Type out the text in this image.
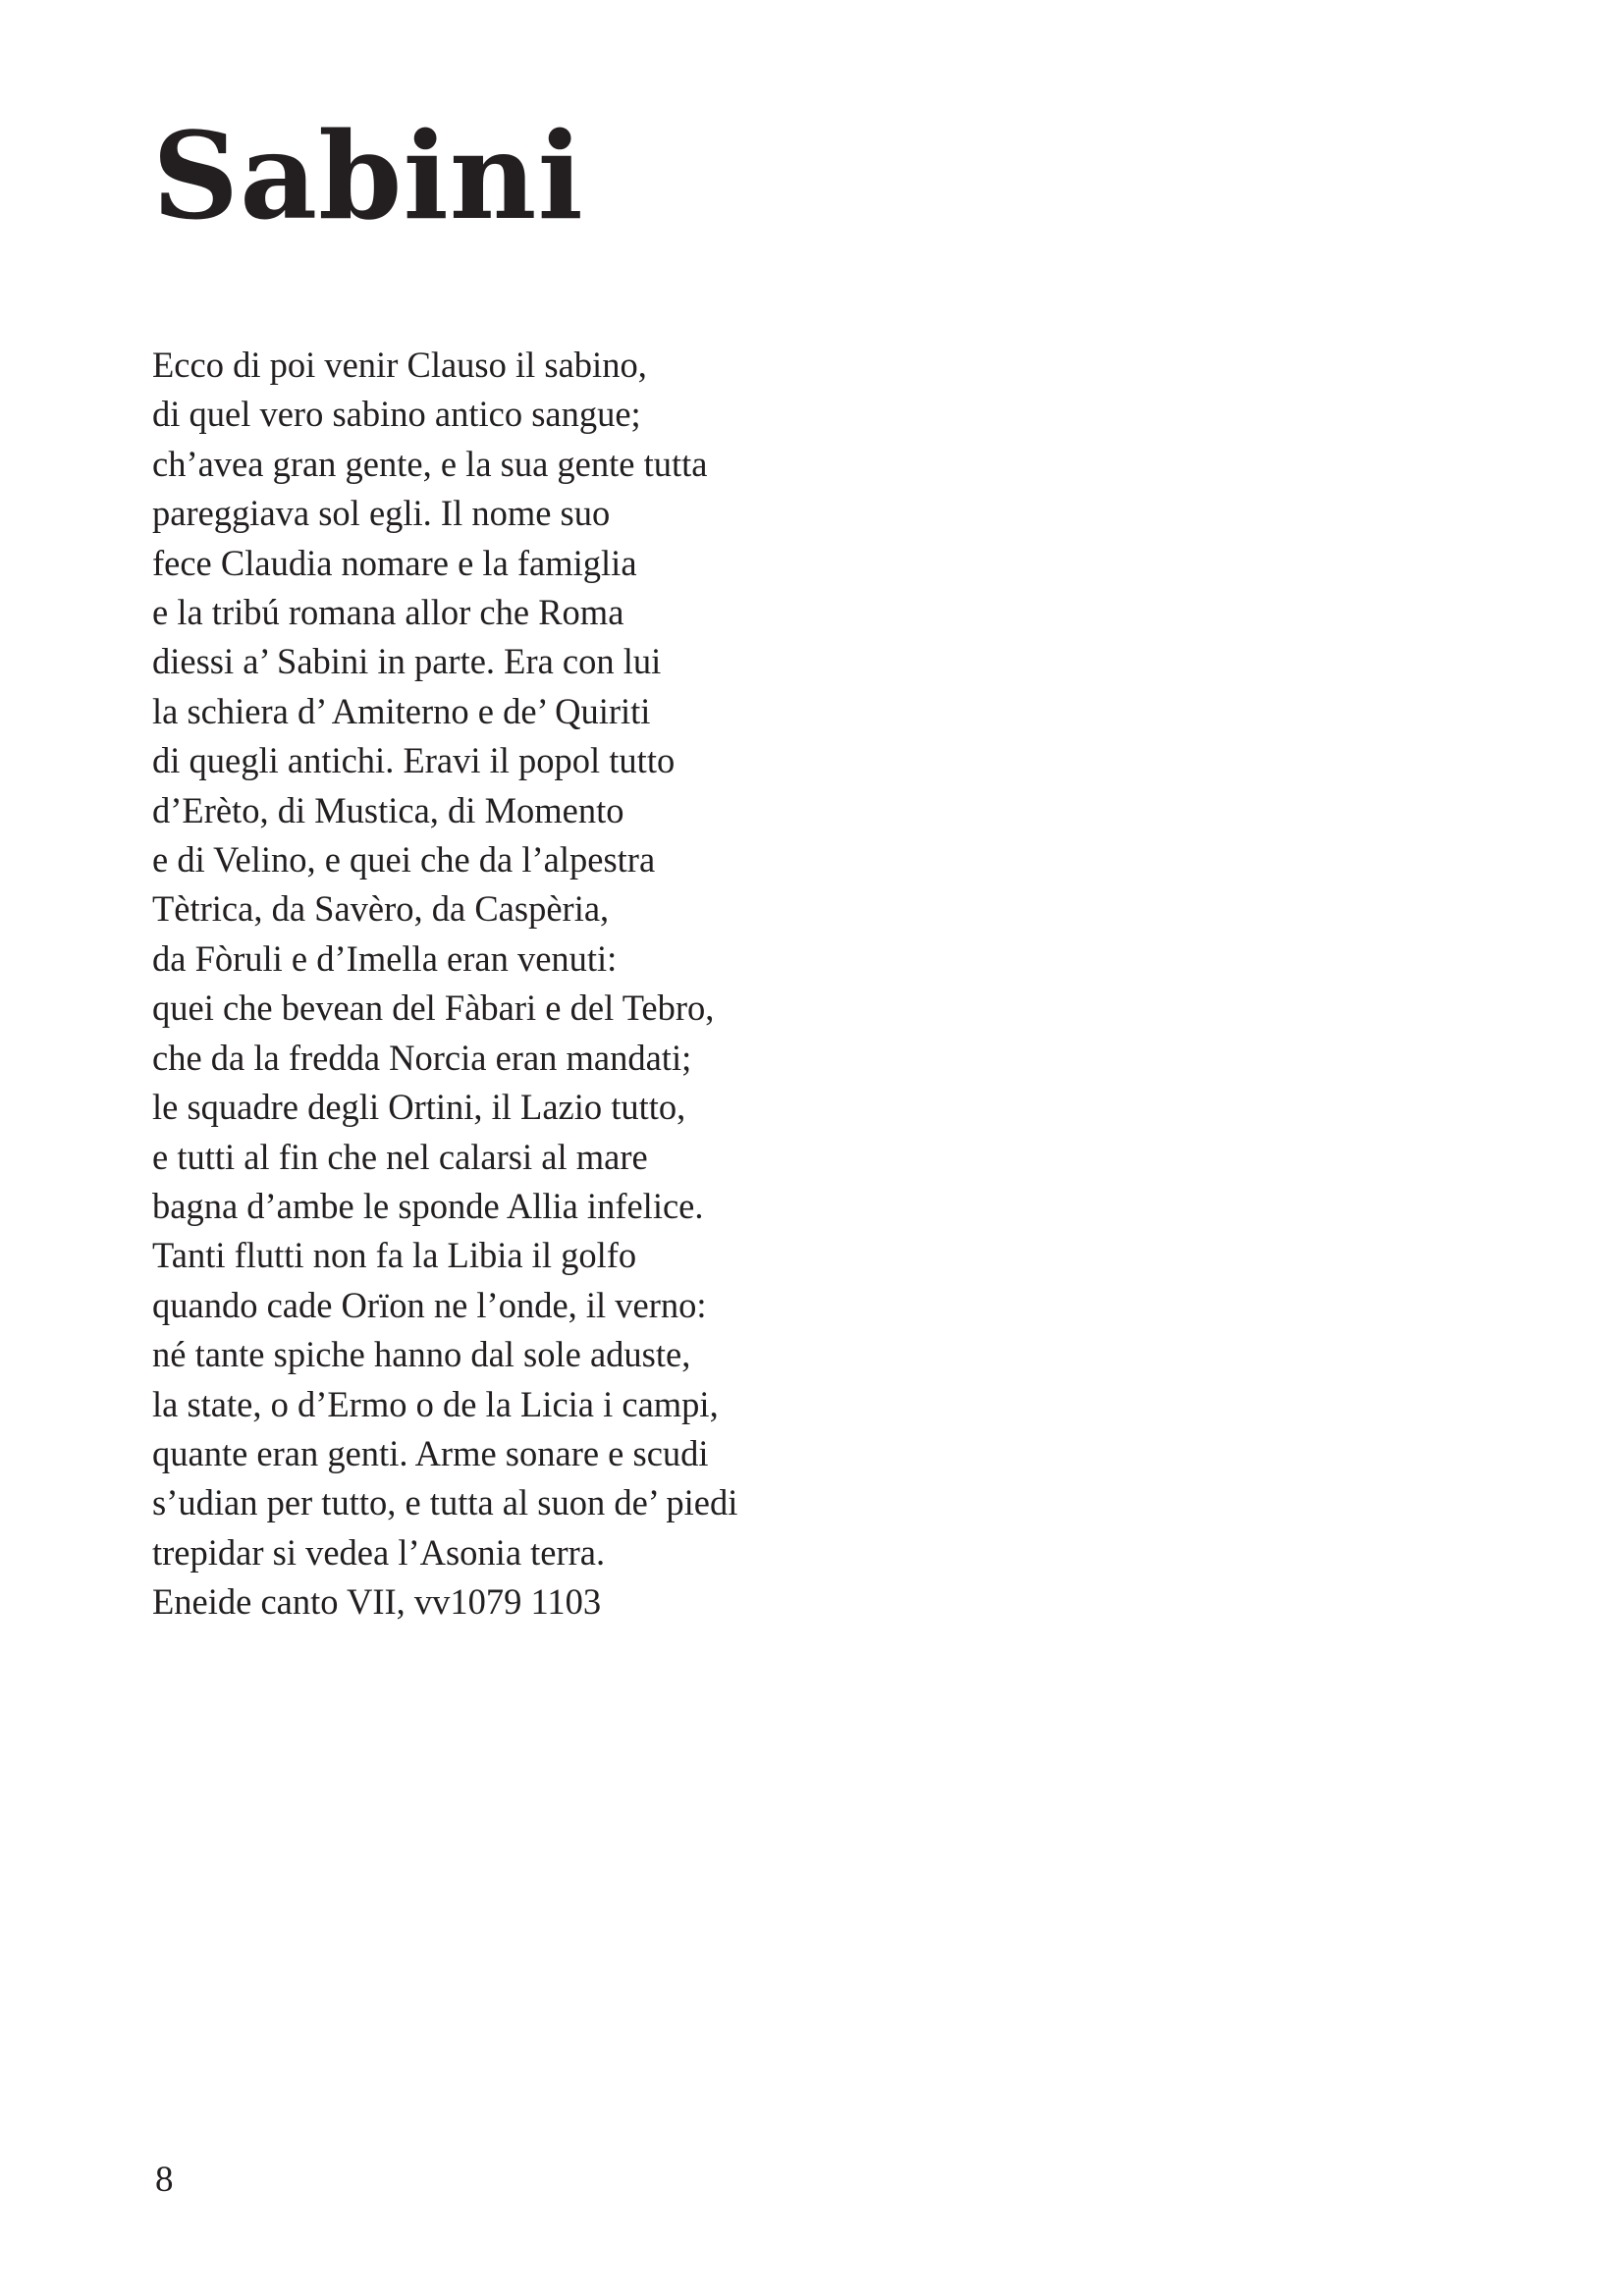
Sabini
Ecco di poi venir Clauso il sabino,
di quel vero sabino antico sangue;
ch’avea gran gente, e la sua gente tutta
pareggiava sol egli. Il nome suo
fece Claudia nomare e la famiglia
e la tribú romana allor che Roma
diessi a’ Sabini in parte. Era con lui
la schiera d’ Amiterno e de’ Quiriti
di quegli antichi. Eravi il popol tutto
d’Erèto, di Mustica, di Momento
e di Velino, e quei che da l’alpestra
Tètrica, da Savèro, da Caspèria,
da Fòruli e d’Imella eran venuti:
quei che bevean del Fàbari e del Tebro,
che da la fredda Norcia eran mandati;
le squadre degli Ortini, il Lazio tutto,
e tutti al fin che nel calarsi al mare
bagna d’ambe le sponde Allia infelice.
Tanti flutti non fa la Libia il golfo
quando cade Orïon ne l’onde, il verno:
né tante spiche hanno dal sole aduste,
la state, o d’Ermo o de la Licia i campi,
quante eran genti. Arme sonare e scudi
s’udian per tutto, e tutta al suon de’ piedi
trepidar si vedea l’Asonia terra.
Eneide canto VII, vv1079 1103
8
